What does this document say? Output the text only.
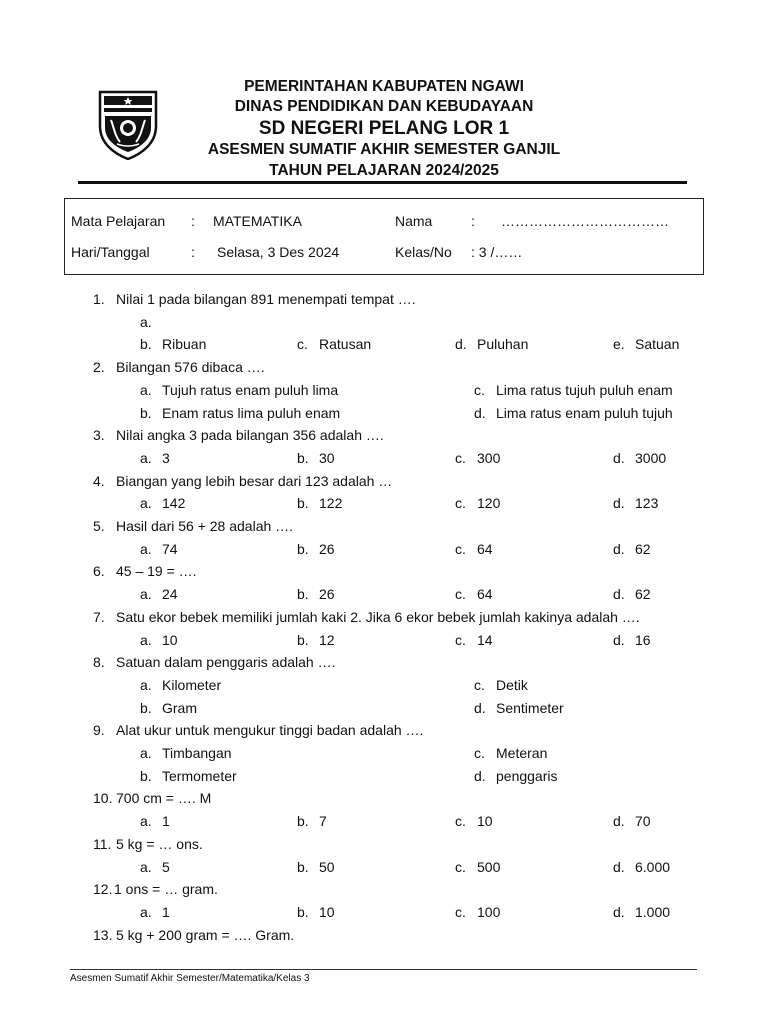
PEMERINTAHAN KABUPATEN NGAWI
DINAS PENDIDIKAN DAN KEBUDAYAAN
SD NEGERI PELANG LOR 1
ASESMEN SUMATIF AKHIR SEMESTER GANJIL
TAHUN PELAJARAN 2024/2025
Mata Pelajaran : MATEMATIKA	Nama	: ………………………………
Hari/Tanggal	: Selasa, 3 Des 2024	Kelas/No : 3 /……
1. Nilai 1 pada bilangan 891 menempati tempat ….
a.
b. Ribuan	c. Ratusan	d. Puluhan	e. Satuan
2. Bilangan 576 dibaca ….
a. Tujuh ratus enam puluh lima	c. Lima ratus tujuh puluh enam
b. Enam ratus lima puluh enam	d. Lima ratus enam puluh tujuh
3. Nilai angka 3 pada bilangan 356 adalah ….
a. 3	b. 30	c. 300	d. 3000
4. Biangan yang lebih besar dari 123 adalah …
a. 142	b. 122	c. 120	d. 123
5. Hasil dari 56 + 28 adalah ….
a. 74	b. 26	c. 64	d. 62
6. 45 – 19 = ….
a. 24	b. 26	c. 64	d. 62
7. Satu ekor bebek memiliki jumlah kaki 2. Jika 6 ekor bebek jumlah kakinya adalah ….
a. 10	b. 12	c. 14	d. 16
8. Satuan dalam penggaris adalah ….
a. Kilometer	c. Detik
b. Gram	d. Sentimeter
9. Alat ukur untuk mengukur tinggi badan adalah ….
a. Timbangan	c. Meteran
b. Termometer	d. penggaris
10. 700 cm = …. M
a. 1	b. 7	c. 10	d. 70
11. 5 kg = … ons.
a. 5	b. 50	c. 500	d. 6.000
12. 1 ons = … gram.
a. 1	b. 10	c. 100	d. 1.000
13. 5 kg + 200 gram = …. Gram.
Asesmen Sumatif Akhir Semester/Matematika/Kelas 3
